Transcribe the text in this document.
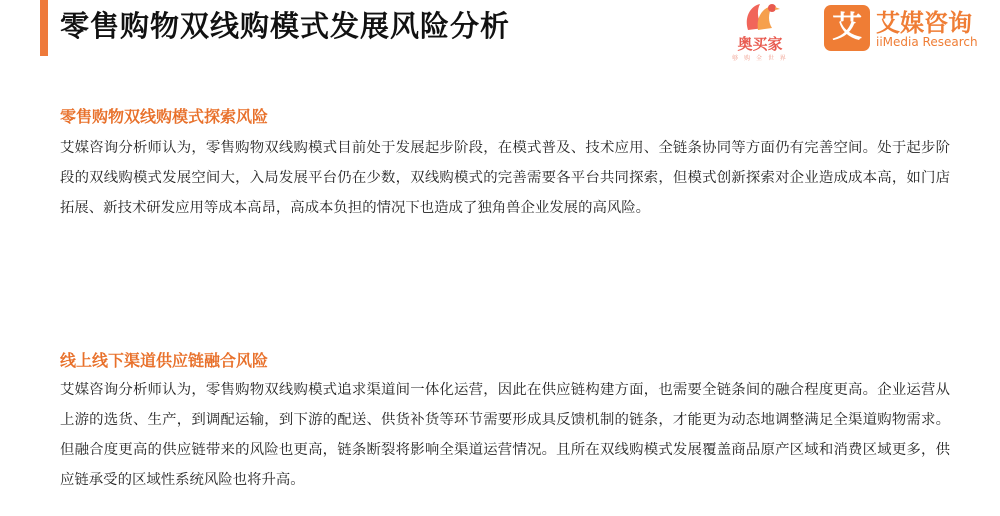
零售购物双线购模式发展风险分析
奥买家
够 购 全 世 界
艾 艾媒咨询
iiMedia Research
零售购物双线购模式探索风险
艾媒咨询分析师认为，零售购物双线购模式目前处于发展起步阶段，在模式普及、技术应用、全链条协同等方面仍有完善空间。处于起步阶段的双线购模式发展空间大，入局发展平台仍在少数，双线购模式的完善需要各平台共同探索，但模式创新探索对企业造成成本高，如门店拓展、新技术研发应用等成本高昂，高成本负担的情况下也造成了独角兽企业发展的高风险。
线上线下渠道供应链融合风险
艾媒咨询分析师认为，零售购物双线购模式追求渠道间一体化运营，因此在供应链构建方面，也需要全链条间的融合程度更高。企业运营从上游的选货、生产，到调配运输，到下游的配送、供货补货等环节需要形成具反馈机制的链条，才能更为动态地调整满足全渠道购物需求。但融合度更高的供应链带来的风险也更高，链条断裂将影响全渠道运营情况。且所在双线购模式发展覆盖商品原产区域和消费区域更多，供应链承受的区域性系统风险也将升高。
